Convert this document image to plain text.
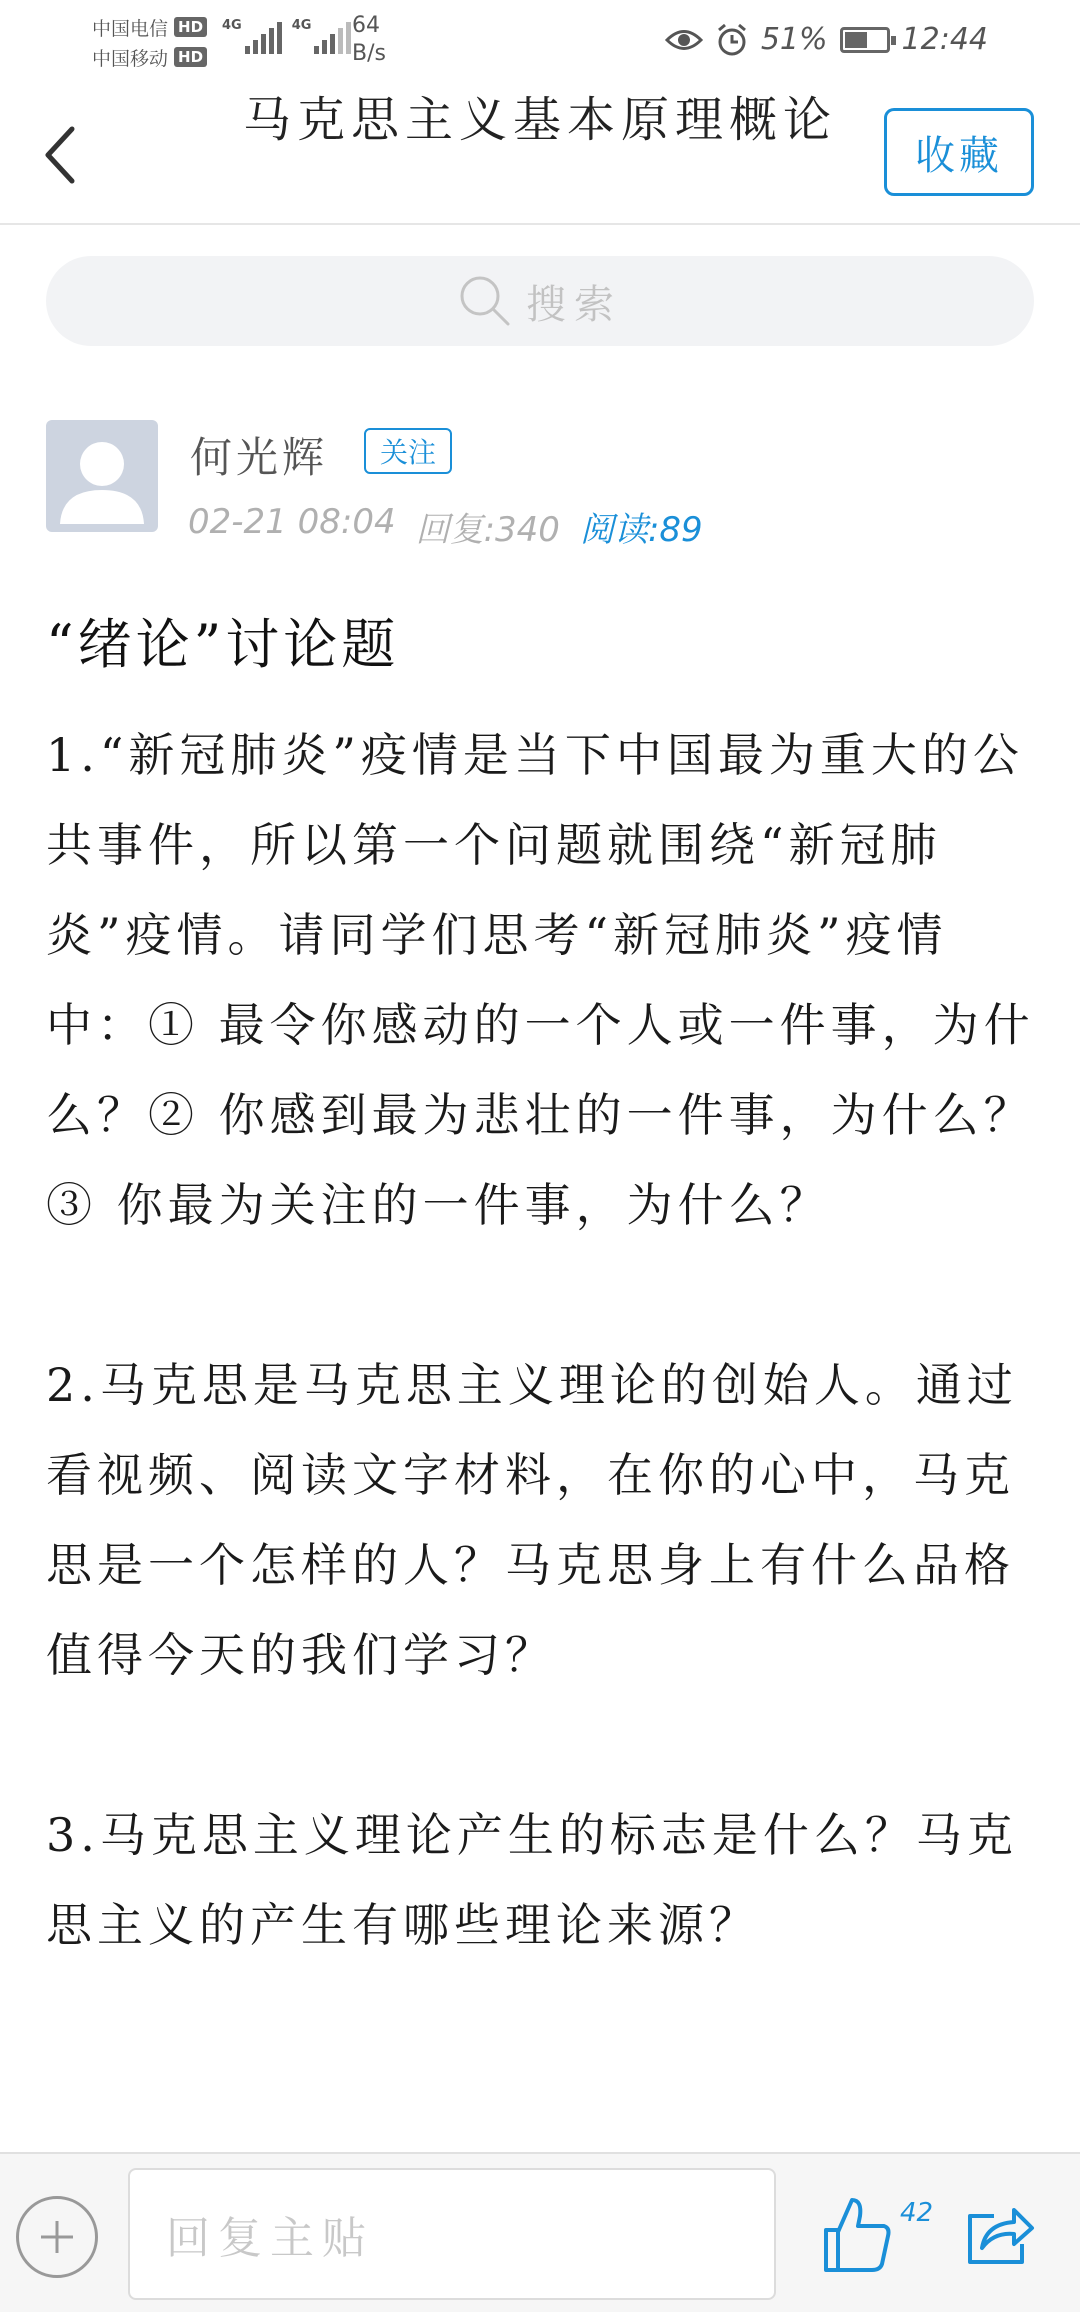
中国电信 HD
中国移动 HD
4G	4G 64
B/s	51% 12:44
马克思主义基本原理概论
收藏
搜索
何光辉	关注
02-21 08:04 回复:340 阅读:89
“绪论”讨论题

1.“新冠肺炎”疫情是当下中国最为重大的公共事件，所以第一个问题就围绕“新冠肺炎”疫情。请同学们思考“新冠肺炎”疫情中：① 最令你感动的一个人或一件事，为什么？② 你感到最为悲壮的一件事，为什么？③ 你最为关注的一件事，为什么？

2.马克思是马克思主义理论的创始人。通过看视频、阅读文字材料，在你的心中，马克思是一个怎样的人？马克思身上有什么品格值得今天的我们学习？

3.马克思主义理论产生的标志是什么？马克思主义的产生有哪些理论来源？

回复主贴	42
